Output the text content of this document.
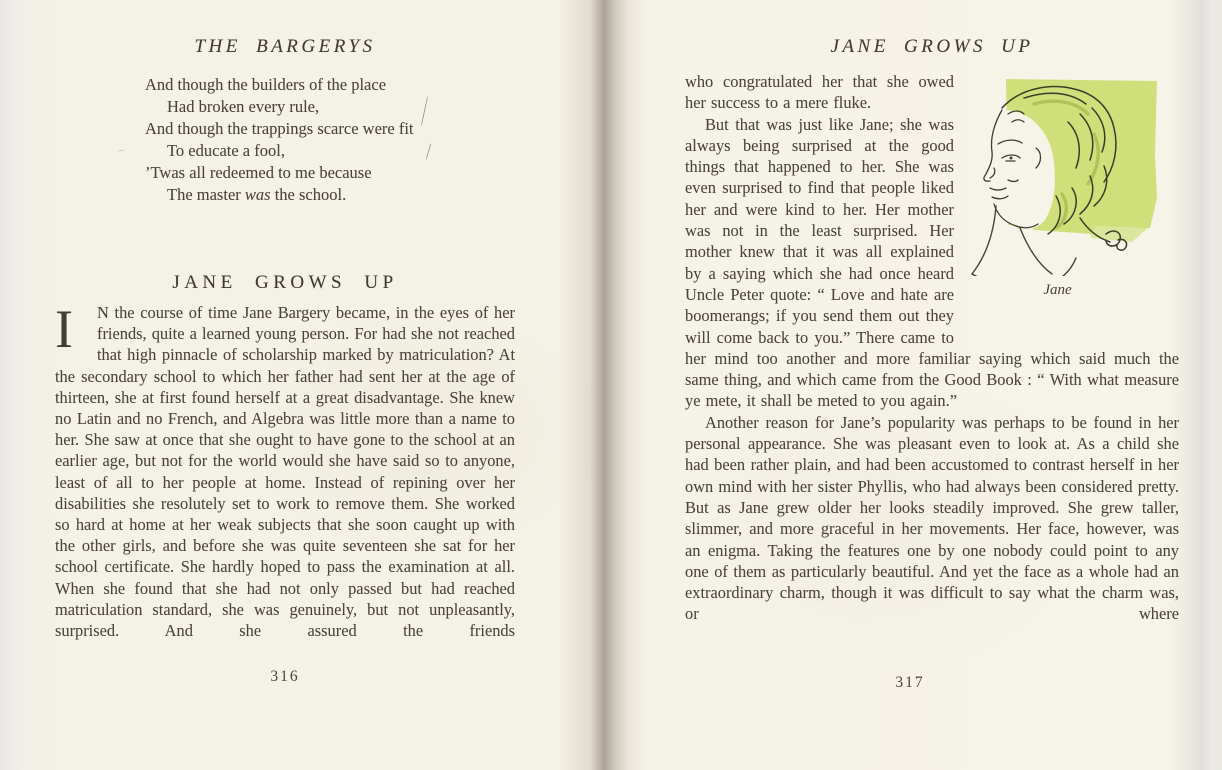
THE BARGERYS
And though the builders of the place
Had broken every rule,
And though the trappings scarce were fit
To educate a fool,
’Twas all redeemed to me because
The master was the school.
JANE GROWS UP

I	N the course of time Jane Bargery became, in the eyes of her friends, quite a learned young person. For had she not reached that high pinnacle of scholarship marked by matriculation? At the secondary school to which her father had sent her at the age of thirteen, she at first found herself at a great disadvantage. She knew no Latin and no French, and Algebra was little more than a name to her. She saw at once that she ought to have gone to the school at an earlier age, but not for the world would she have said so to anyone, least of all to her people at home. Instead of repining over her disabilities she resolutely set to work to remove them. She worked so hard at home at her weak subjects that she soon caught up with the other girls, and before she was quite seventeen she sat for her school certificate. She hardly hoped to pass the examination at all. When she found that she had not only passed but had reached matriculation standard, she was genuinely, but not unpleasantly, surprised. And she assured the friends

316
JANE GROWS UP
Jane

who congratulated her that she owed her success to a mere fluke.

But that was just like Jane; she was always being surprised at the good things that happened to her. She was even surprised to find that people liked her and were kind to her. Her mother was not in the least surprised. Her mother knew that it was all explained by a saying which she had once heard Uncle Peter quote: “ Love and hate are boomerangs; if you send them out they will come back to you.” There came to her mind too another and more familiar saying which said much the same thing, and which came from the Good Book : “ With what measure ye mete, it shall be meted to you again.”

Another reason for Jane’s popularity was perhaps to be found in her personal appearance. She was pleasant even to look at. As a child she had been rather plain, and had been accustomed to contrast herself in her own mind with her sister Phyllis, who had always been considered pretty. But as Jane grew older her looks steadily improved. She grew taller, slimmer, and more graceful in her movements. Her face, however, was an enigma. Taking the features one by one nobody could point to any one of them as particularly beautiful. And yet the face as a whole had an extraordinary charm, though it was difficult to say what the charm was, or where

317
